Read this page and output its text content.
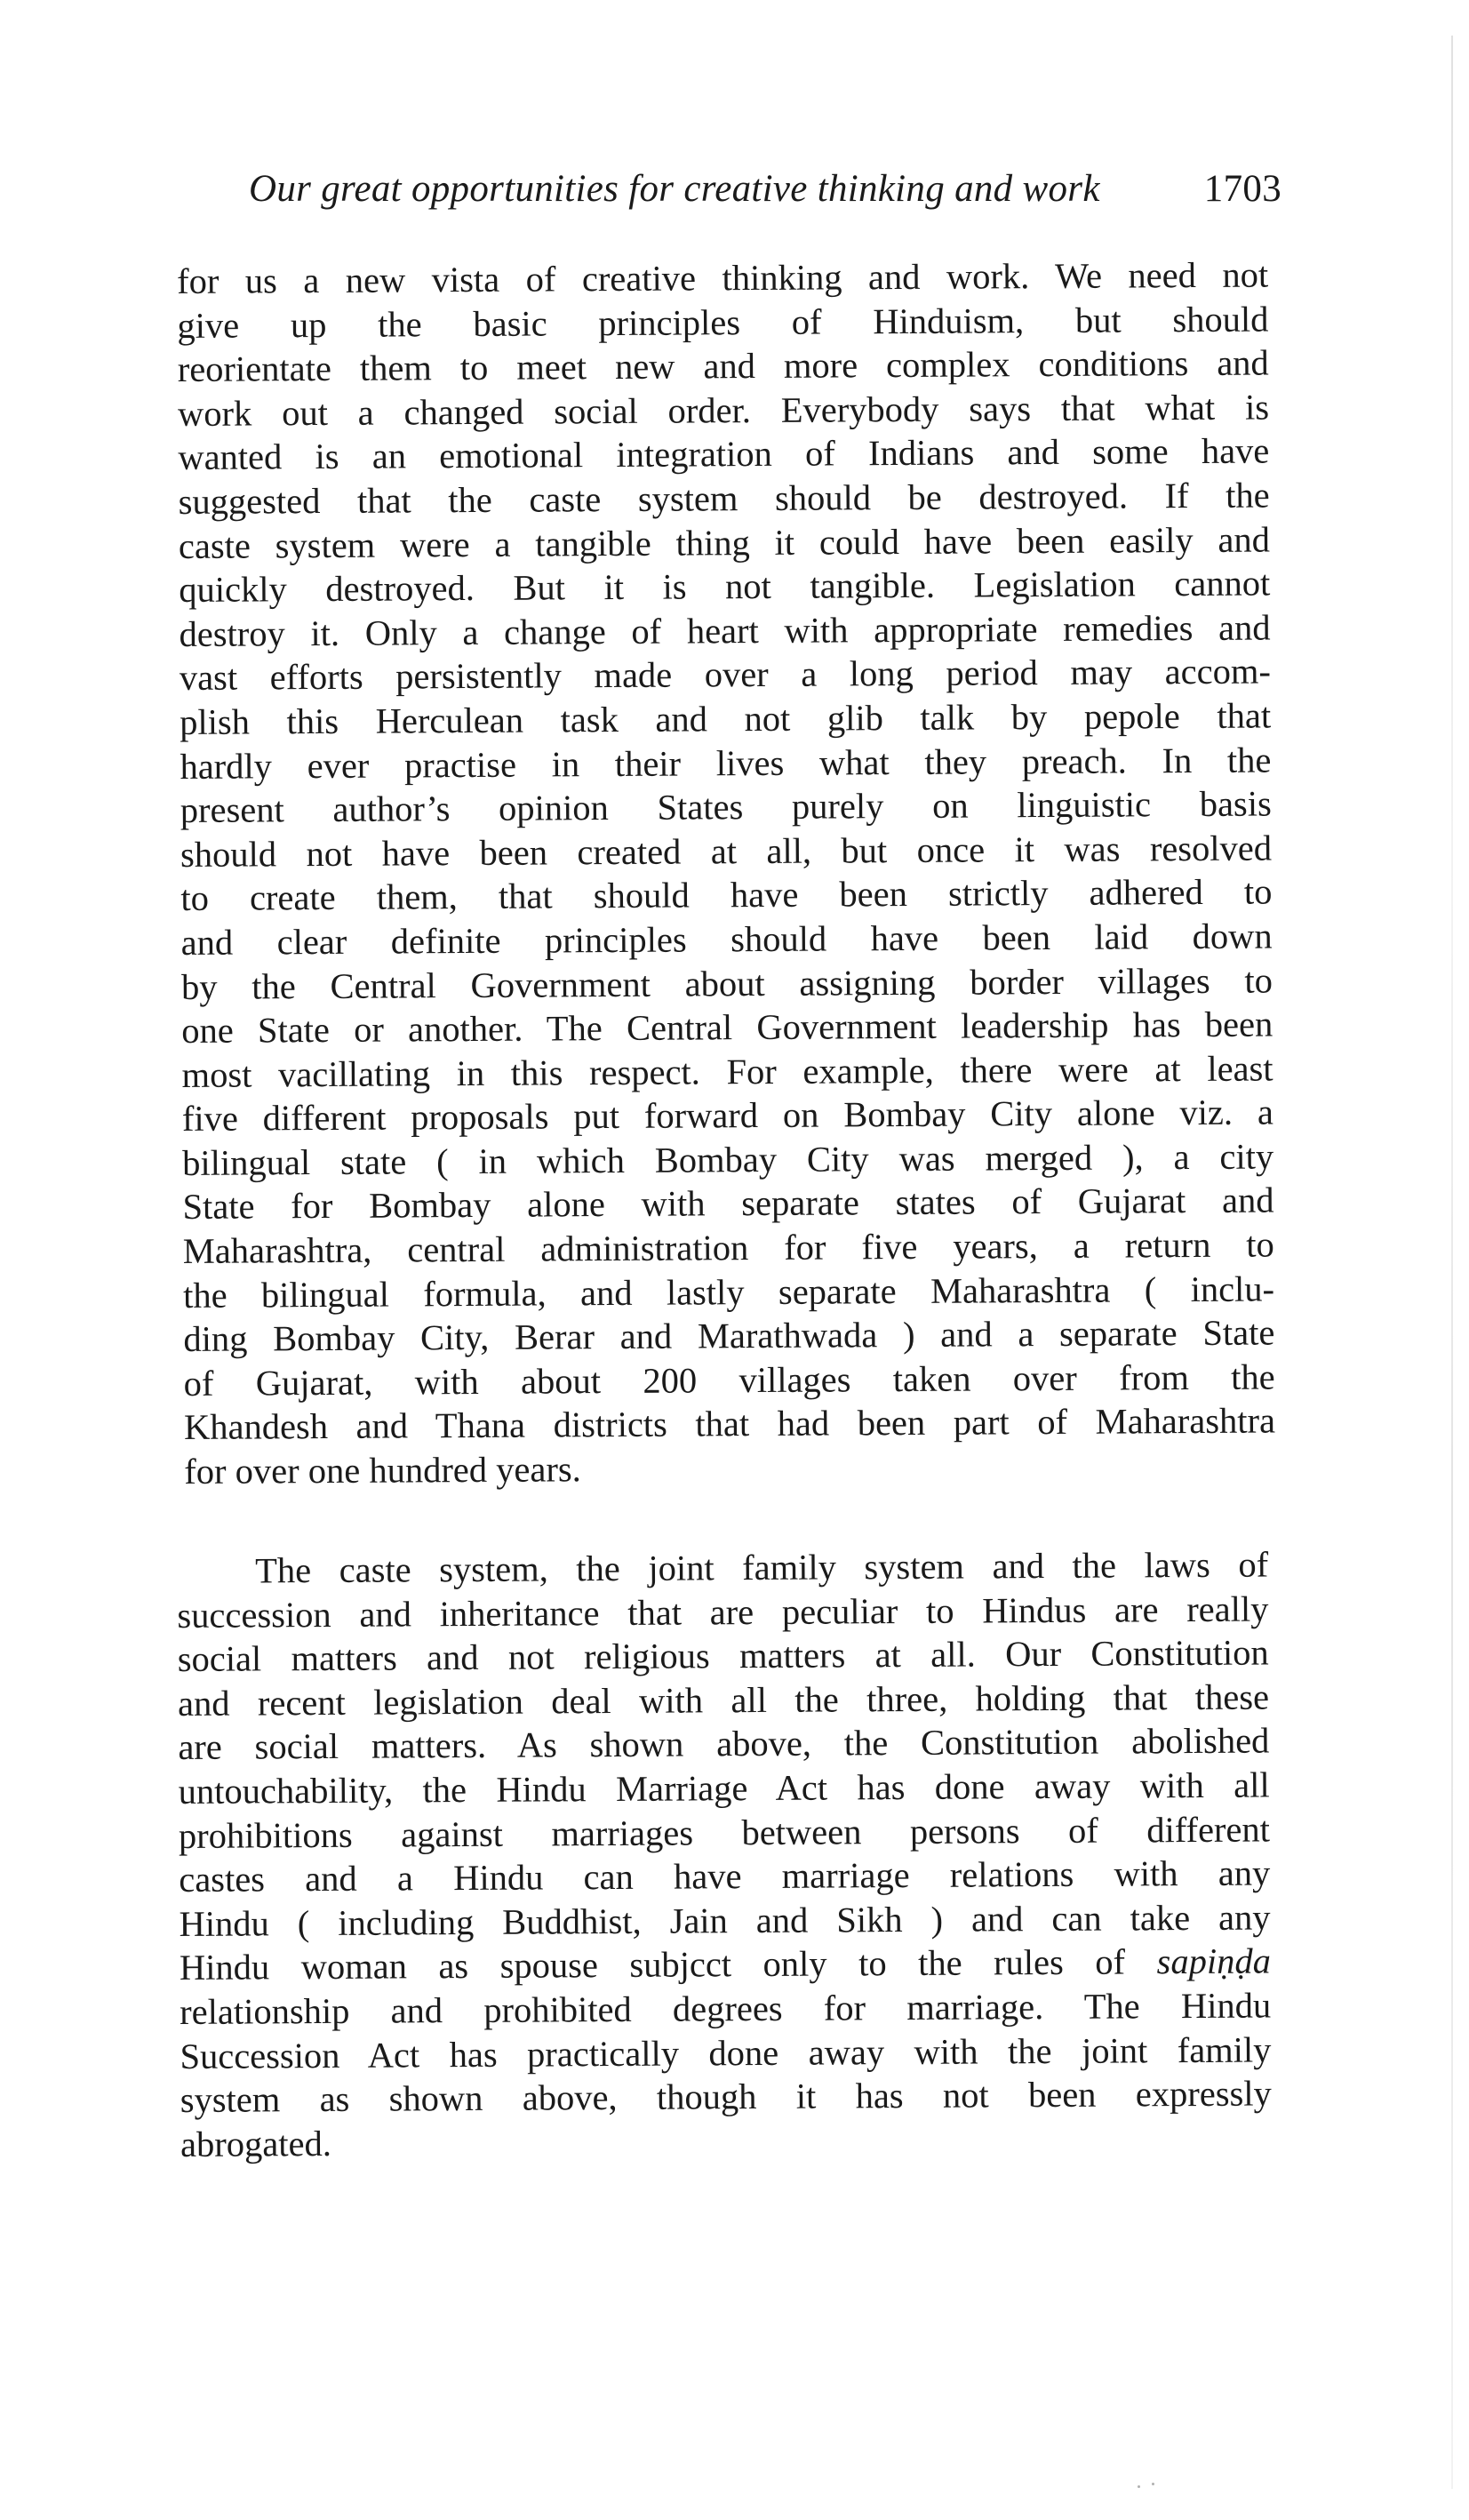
Our great opportunities for creative thinking and work	1703

for us a new vista of creative thinking and work. We need not
give up the basic principles of Hinduism, but should
reorientate them to meet new and more complex conditions and
work out a changed social order. Everybody says that what is
wanted is an emotional integration of Indians and some have
suggested that the caste system should be destroyed. If the
caste system were a tangible thing it could have been easily and
quickly destroyed. But it is not tangible. Legislation cannot
destroy it. Only a change of heart with appropriate remedies and
vast efforts persistently made over a long period may accom-
plish this Herculean task and not glib talk by pepole that
hardly ever practise in their lives what they preach. In the
present author’s opinion States purely on linguistic basis
should not have been created at all, but once it was resolved
to create them, that should have been strictly adhered to
and clear definite principles should have been laid down
by the Central Government about assigning border villages to
one State or another. The Central Government leadership has been
most vacillating in this respect. For example, there were at least
five different proposals put forward on Bombay City alone viz. a
bilingual state ( in which Bombay City was merged ), a city
State for Bombay alone with separate states of Gujarat and
Maharashtra, central administration for five years, a return to
the bilingual formula, and lastly separate Maharashtra ( inclu-
ding Bombay City, Berar and Marathwada ) and a separate State
of Gujarat, with about 200 villages taken over from the
Khandesh and Thana districts that had been part of Maharashtra
for over one hundred years.

The caste system, the joint family system and the laws of
succession and inheritance that are peculiar to Hindus are really
social matters and not religious matters at all. Our Constitution
and recent legislation deal with all the three, holding that these
are social matters. As shown above, the Constitution abolished
untouchability, the Hindu Marriage Act has done away with all
prohibitions against marriages between persons of different
castes and a Hindu can have marriage relations with any
Hindu ( including Buddhist, Jain and Sikh ) and can take any
Hindu woman as spouse subjcct only to the rules of sapiṇḍa
relationship and prohibited degrees for marriage. The Hindu
Succession Act has practically done away with the joint family
system as shown above, though it has not been expressly
abrogated.
